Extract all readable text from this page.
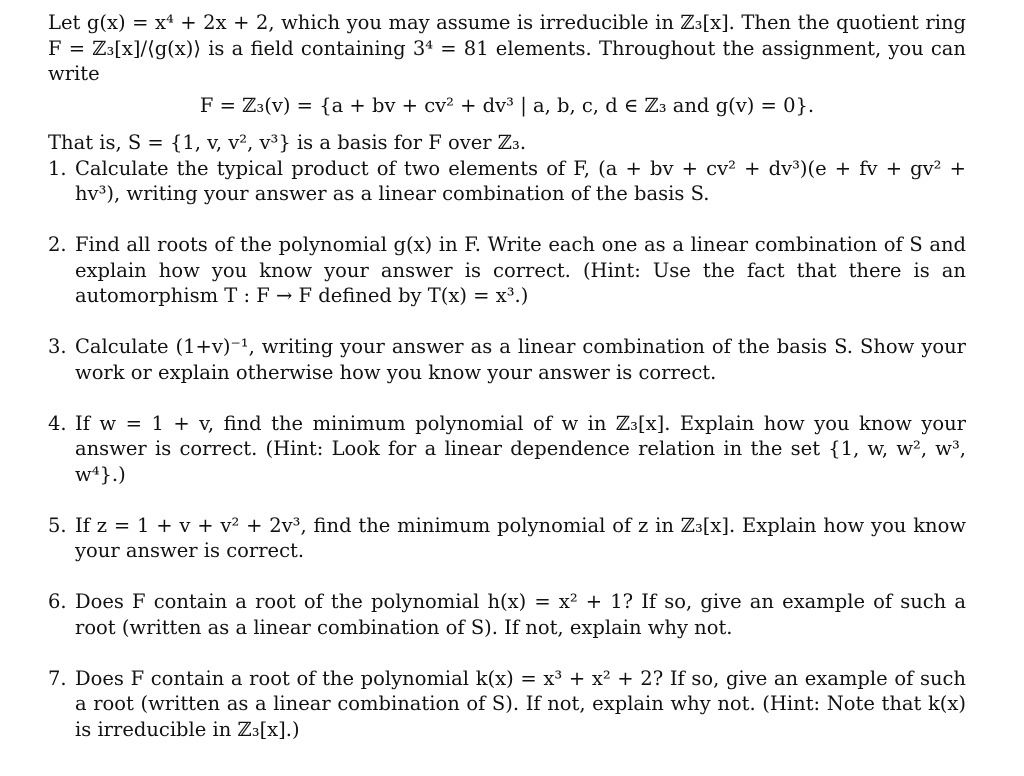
Let g(x) = x⁴ + 2x + 2, which you may assume is irreducible in ℤ₃[x]. Then the quotient ring F = ℤ₃[x]/⟨g(x)⟩ is a field containing 3⁴ = 81 elements. Throughout the assignment, you can write

F = ℤ₃(v) = {a + bv + cv² + dv³ | a, b, c, d ∈ ℤ₃ and g(v) = 0}.

That is, S = {1, v, v², v³} is a basis for F over ℤ₃.

1. Calculate the typical product of two elements of F, (a + bv + cv² + dv³)(e + fv + gv² + hv³), writing your answer as a linear combination of the basis S.
2. Find all roots of the polynomial g(x) in F. Write each one as a linear combination of S and explain how you know your answer is correct. (Hint: Use the fact that there is an automorphism T : F → F defined by T(x) = x³.)
3. Calculate (1+v)⁻¹, writing your answer as a linear combination of the basis S. Show your work or explain otherwise how you know your answer is correct.
4. If w = 1 + v, find the minimum polynomial of w in ℤ₃[x]. Explain how you know your answer is correct. (Hint: Look for a linear dependence relation in the set {1, w, w², w³, w⁴}.)
5. If z = 1 + v + v² + 2v³, find the minimum polynomial of z in ℤ₃[x]. Explain how you know your answer is correct.
6. Does F contain a root of the polynomial h(x) = x² + 1? If so, give an example of such a root (written as a linear combination of S). If not, explain why not.
7. Does F contain a root of the polynomial k(x) = x³ + x² + 2? If so, give an example of such a root (written as a linear combination of S). If not, explain why not. (Hint: Note that k(x) is irreducible in ℤ₃[x].)
